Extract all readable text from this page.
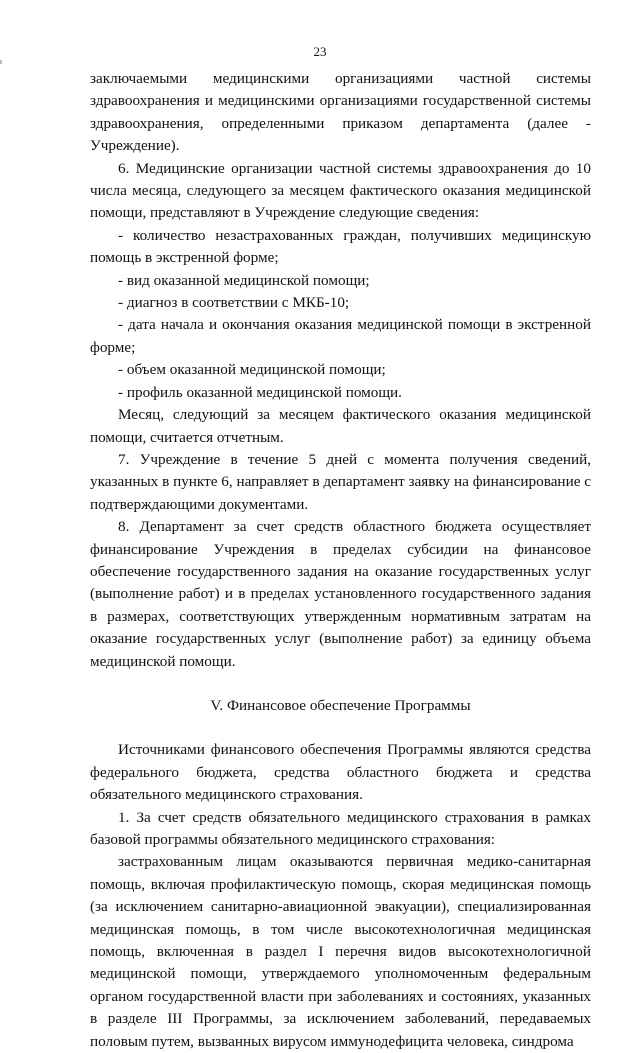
23

заключаемыми медицинскими организациями частной системы здравоохранения и медицинскими организациями государственной системы здравоохранения, определенными приказом департамента (далее - Учреждение).

6. Медицинские организации частной системы здравоохранения до 10 числа месяца, следующего за месяцем фактического оказания медицинской помощи, представляют в Учреждение следующие сведения:

- количество незастрахованных граждан, получивших медицинскую помощь в экстренной форме;

- вид оказанной медицинской помощи;

- диагноз в соответствии с МКБ-10;

- дата начала и окончания оказания медицинской помощи в экстренной форме;

- объем оказанной медицинской помощи;

- профиль оказанной медицинской помощи.

Месяц, следующий за месяцем фактического оказания медицинской помощи, считается отчетным.

7. Учреждение в течение 5 дней с момента получения сведений, указанных в пункте 6, направляет в департамент заявку на финансирование с подтверждающими документами.

8. Департамент за счет средств областного бюджета осуществляет финансирование Учреждения в пределах субсидии на финансовое обеспечение государственного задания на оказание государственных услуг (выполнение работ) и в пределах установленного государственного задания в размерах, соответствующих утвержденным нормативным затратам на оказание государственных услуг (выполнение работ) за единицу объема медицинской помощи.

V. Финансовое обеспечение Программы

Источниками финансового обеспечения Программы являются средства федерального бюджета, средства областного бюджета и средства обязательного медицинского страхования.

1. За счет средств обязательного медицинского страхования в рамках базовой программы обязательного медицинского страхования:

застрахованным лицам оказываются первичная медико-санитарная помощь, включая профилактическую помощь, скорая медицинская помощь (за исключением санитарно-авиационной эвакуации), специализированная медицинская помощь, в том числе высокотехнологичная медицинская помощь, включенная в раздел I перечня видов высокотехнологичной медицинской помощи, утверждаемого уполномоченным федеральным органом государственной власти при заболеваниях и состояниях, указанных в разделе III Программы, за исключением заболеваний, передаваемых половым путем, вызванных вирусом иммунодефицита человека, синдрома
